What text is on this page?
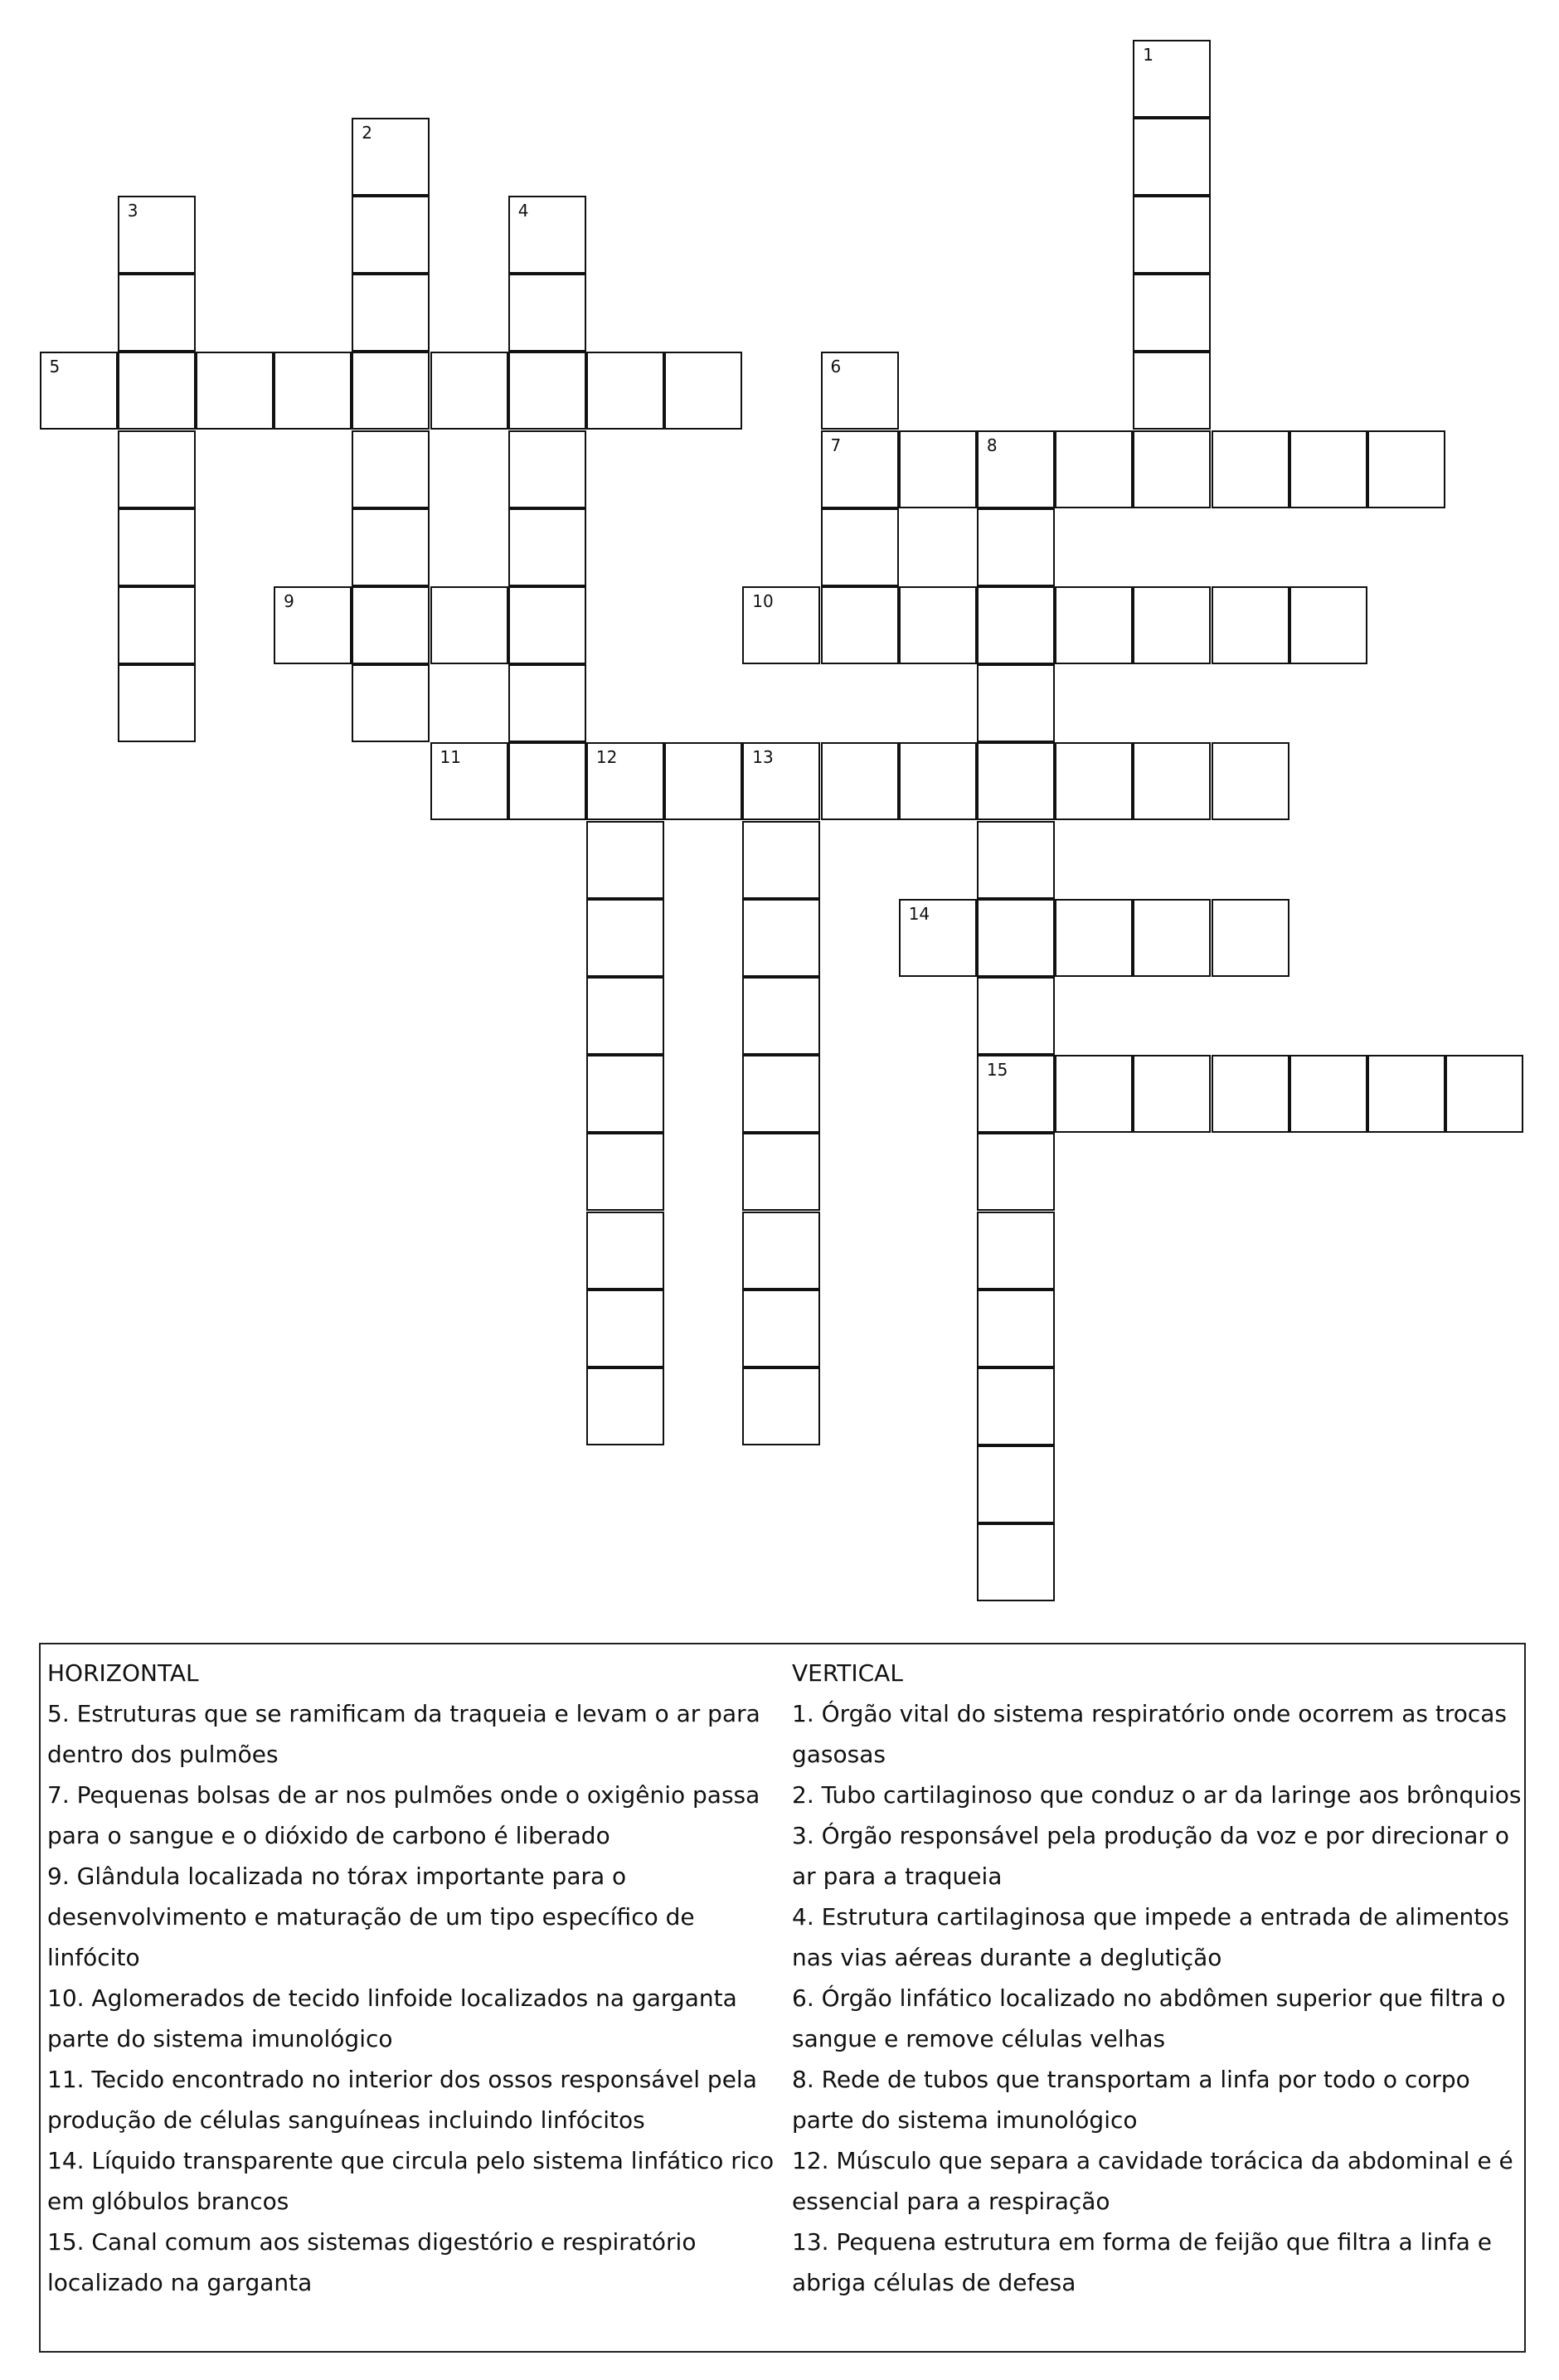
1
2
3	4
5	6
7	8
15
9	10
11	12	13
14
HORIZONTAL
5. Estruturas que se ramificam da traqueia e levam o ar para dentro dos pulmões
7. Pequenas bolsas de ar nos pulmões onde o oxigênio passa para o sangue e o dióxido de carbono é liberado
9. Glândula localizada no tórax importante para o desenvolvimento e maturação de um tipo específico de linfócito
10. Aglomerados de tecido linfoide localizados na garganta parte do sistema imunológico
11. Tecido encontrado no interior dos ossos responsável pela produção de células sanguíneas incluindo linfócitos
14. Líquido transparente que circula pelo sistema linfático rico em glóbulos brancos
15. Canal comum aos sistemas digestório e respiratório localizado na garganta
VERTICAL
1. Órgão vital do sistema respiratório onde ocorrem as trocas gasosas
2. Tubo cartilaginoso que conduz o ar da laringe aos brônquios
3. Órgão responsável pela produção da voz e por direcionar o ar para a traqueia
4. Estrutura cartilaginosa que impede a entrada de alimentos nas vias aéreas durante a deglutição
6. Órgão linfático localizado no abdômen superior que filtra o sangue e remove células velhas
8. Rede de tubos que transportam a linfa por todo o corpo parte do sistema imunológico
12. Músculo que separa a cavidade torácica da abdominal e é essencial para a respiração
13. Pequena estrutura em forma de feijão que filtra a linfa e abriga células de defesa
